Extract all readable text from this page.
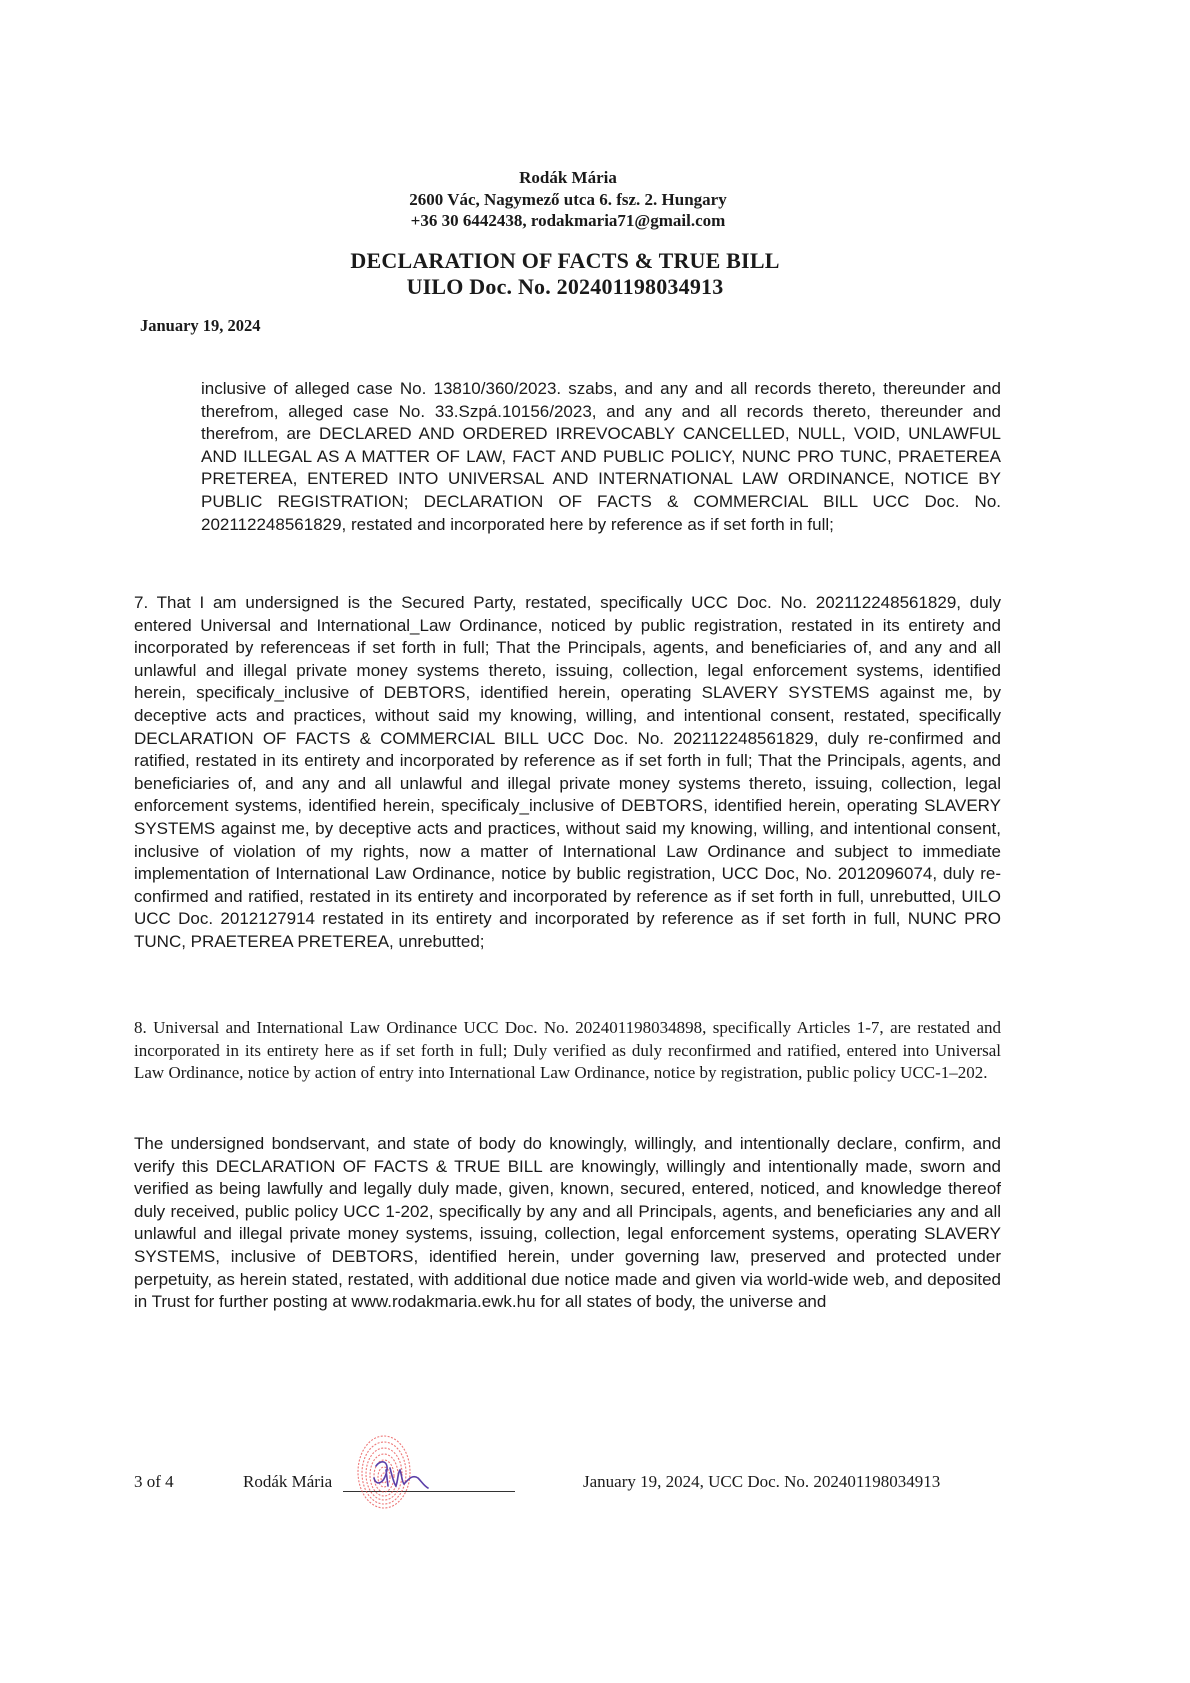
Rodák Mária
2600 Vác, Nagymező utca 6. fsz. 2. Hungary
+36 30 6442438, rodakmaria71@gmail.com
DECLARATION OF FACTS & TRUE BILL
UILO Doc. No. 202401198034913
January 19, 2024
inclusive of alleged case No. 13810/360/2023. szabs, and any and all records thereto, thereunder and therefrom, alleged case No. 33.Szpá.10156/2023, and any and all records thereto, thereunder and therefrom, are DECLARED AND ORDERED IRREVOCABLY CANCELLED, NULL, VOID, UNLAWFUL AND ILLEGAL AS A MATTER OF LAW, FACT AND PUBLIC POLICY, NUNC PRO TUNC, PRAETEREA PRETEREA, ENTERED INTO UNIVERSAL AND INTERNATIONAL LAW ORDINANCE, NOTICE BY PUBLIC REGISTRATION; DECLARATION OF FACTS & COMMERCIAL BILL UCC Doc. No. 202112248561829, restated and incorporated here by reference as if set forth in full;
7. That I am undersigned is the Secured Party, restated, specifically UCC Doc. No. 202112248561829, duly entered Universal and International_Law Ordinance, noticed by public registration, restated in its entirety and incorporated by referenceas if set forth in full; That the Principals, agents, and beneficiaries of, and any and all unlawful and illegal private money systems thereto, issuing, collection, legal enforcement systems, identified herein, specificaly_inclusive of DEBTORS, identified herein, operating SLAVERY SYSTEMS against me, by deceptive acts and practices, without said my knowing, willing, and intentional consent, restated, specifically DECLARATION OF FACTS & COMMERCIAL BILL UCC Doc. No. 202112248561829, duly re-confirmed and ratified, restated in its entirety and incorporated by reference as if set forth in full; That the Principals, agents, and beneficiaries of, and any and all unlawful and illegal private money systems thereto, issuing, collection, legal enforcement systems, identified herein, specificaly_inclusive of DEBTORS, identified herein, operating SLAVERY SYSTEMS against me, by deceptive acts and practices, without said my knowing, willing, and intentional consent, inclusive of violation of my rights, now a matter of International Law Ordinance and subject to immediate implementation of International Law Ordinance, notice by bublic registration, UCC Doc, No. 2012096074, duly re-confirmed and ratified, restated in its entirety and incorporated by reference as if set forth in full, unrebutted, UILO UCC Doc. 2012127914 restated in its entirety and incorporated by reference as if set forth in full, NUNC PRO TUNC, PRAETEREA PRETEREA, unrebutted;
8. Universal and International Law Ordinance UCC Doc. No. 202401198034898, specifically Articles 1-7, are restated and incorporated in its entirety here as if set forth in full; Duly verified as duly reconfirmed and ratified, entered into Universal Law Ordinance, notice by action of entry into International Law Ordinance, notice by registration, public policy UCC-1–202.
The undersigned bondservant, and state of body do knowingly, willingly, and intentionally declare, confirm, and verify this DECLARATION OF FACTS & TRUE BILL are knowingly, willingly and intentionally made, sworn and verified as being lawfully and legally duly made, given, known, secured, entered, noticed, and knowledge thereof duly received, public policy UCC 1-202, specifically by any and all Principals, agents, and beneficiaries any and all unlawful and illegal private money systems, issuing, collection, legal enforcement systems, operating SLAVERY SYSTEMS, inclusive of DEBTORS, identified herein, under governing law, preserved and protected under perpetuity, as herein stated, restated, with additional due notice made and given via world-wide web, and deposited in Trust for further posting at www.rodakmaria.ewk.hu for all states of body, the universe and
3 of 4	Rodák Mária	January 19, 2024, UCC Doc. No. 202401198034913
